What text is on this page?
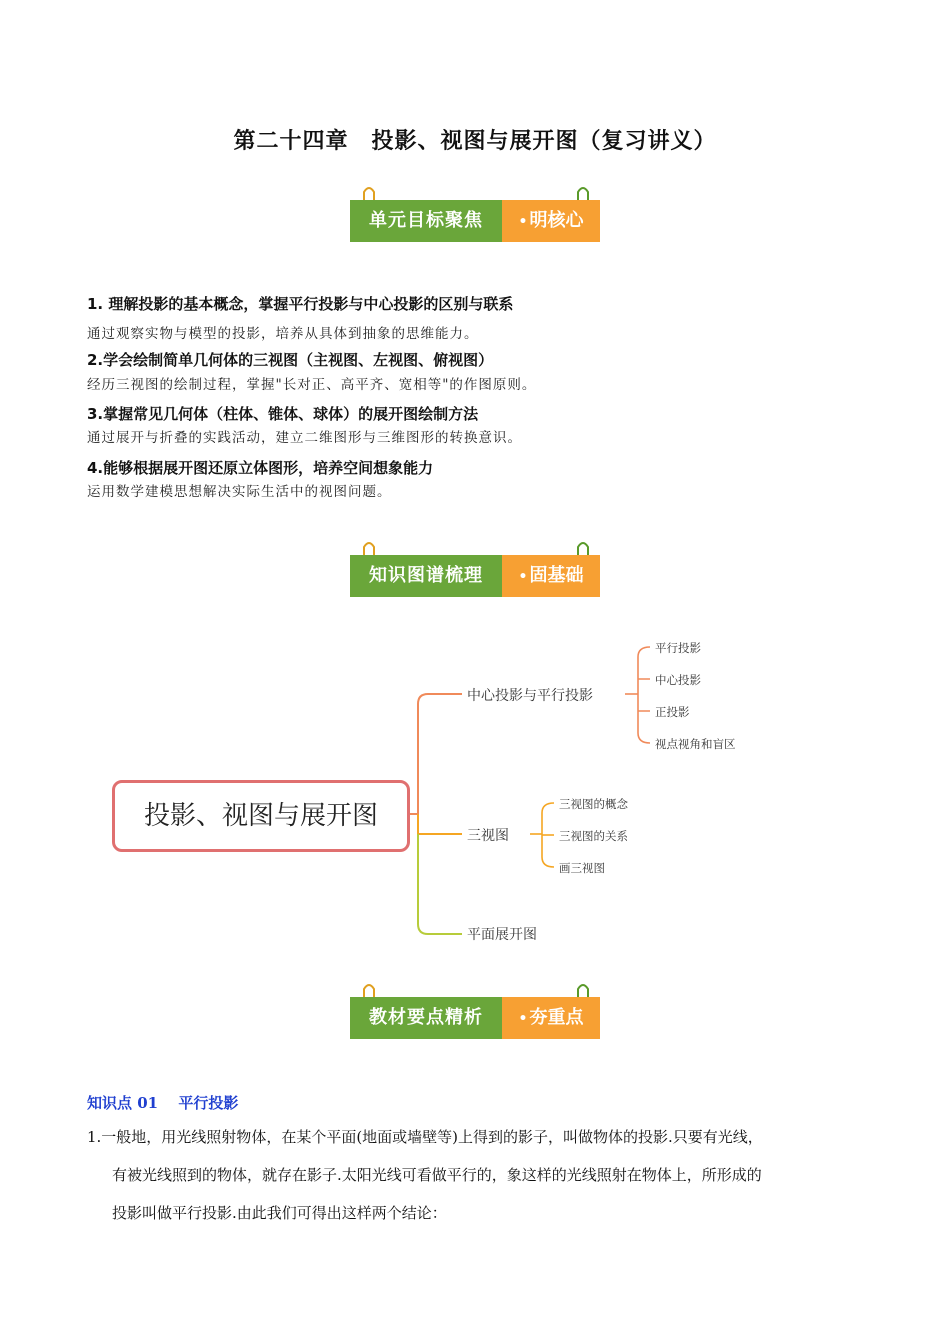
第二十四章　投影、视图与展开图（复习讲义）
单元目标聚焦	• 明核心
1. 理解投影的基本概念，掌握平行投影与中心投影的区别与联系
通过观察实物与模型的投影，培养从具体到抽象的思维能力。
2.学会绘制简单几何体的三视图（主视图、左视图、俯视图）
经历三视图的绘制过程，掌握"长对正、高平齐、宽相等"的作图原则。
3.掌握常见几何体（柱体、锥体、球体）的展开图绘制方法
通过展开与折叠的实践活动，建立二维图形与三维图形的转换意识。
4.能够根据展开图还原立体图形，培养空间想象能力
运用数学建模思想解决实际生活中的视图问题。
知识图谱梳理	• 固基础
投影、视图与展开图
中心投影与平行投影
三视图
平面展开图
平行投影
中心投影
正投影
视点视角和盲区
三视图的概念
三视图的关系
画三视图
教材要点精析	• 夯重点
知识点 01　 平行投影
1.一般地，用光线照射物体，在某个平面(地面或墙壁等)上得到的影子，叫做物体的投影.只要有光线，
有被光线照到的物体，就存在影子.太阳光线可看做平行的，象这样的光线照射在物体上，所形成的
投影叫做平行投影.由此我们可得出这样两个结论：
